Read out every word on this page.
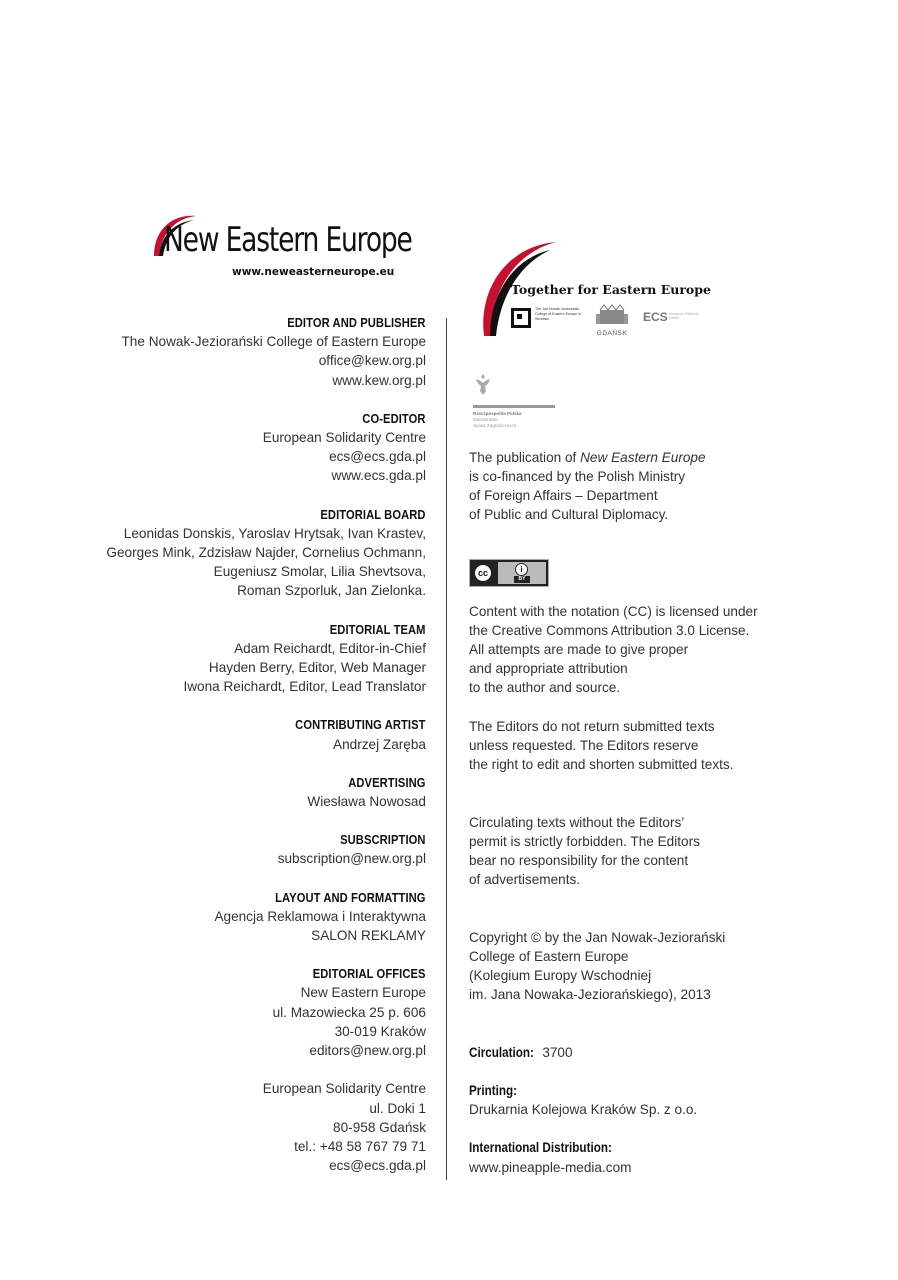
New Eastern Europe
www.neweasterneurope.eu
EDITOR AND PUBLISHER
The Nowak-Jeziorański College of Eastern Europe
office@kew.org.pl
www.kew.org.pl
CO-EDITOR
European Solidarity Centre
ecs@ecs.gda.pl
www.ecs.gda.pl
EDITORIAL BOARD
Leonidas Donskis, Yaroslav Hrytsak, Ivan Krastev,
Georges Mink, Zdzisław Najder, Cornelius Ochmann,
Eugeniusz Smolar, Lilia Shevtsova,
Roman Szporluk, Jan Zielonka.
EDITORIAL TEAM
Adam Reichardt, Editor-in-Chief
Hayden Berry, Editor, Web Manager
Iwona Reichardt, Editor, Lead Translator
CONTRIBUTING ARTIST
Andrzej Zaręba
ADVERTISING
Wiesława Nowosad
SUBSCRIPTION
subscription@new.org.pl
LAYOUT AND FORMATTING
Agencja Reklamowa i Interaktywna
SALON REKLAMY
EDITORIAL OFFICES
New Eastern Europe
ul. Mazowiecka 25 p. 606
30-019 Kraków
editors@new.org.pl
European Solidarity Centre
ul. Doki 1
80-958 Gdańsk
tel.: +48 58 767 79 71
ecs@ecs.gda.pl
Together for Eastern Europe
The Jan Nowak-Jeziorański College of Eastern Europe in Wrocław
GDAŃSK
ECS European Solidarity Centre
Rzeczpospolita Polska
Ministerstwo
Spraw Zagranicznych
The publication of New Eastern Europe
is co-financed by the Polish Ministry
of Foreign Affairs – Department
of Public and Cultural Diplomacy.
cc	i
BY
Content with the notation (CC) is licensed under
the Creative Commons Attribution 3.0 License.
All attempts are made to give proper
and appropriate attribution
to the author and source.
The Editors do not return submitted texts
unless requested. The Editors reserve
the right to edit and shorten submitted texts.
Circulating texts without the Editors’
permit is strictly forbidden. The Editors
bear no responsibility for the content
of advertisements.
Copyright © by the Jan Nowak-Jeziorański
College of Eastern Europe
(Kolegium Europy Wschodniej
im. Jana Nowaka-Jeziorańskiego), 2013
Circulation: 3700
Printing:
Drukarnia Kolejowa Kraków Sp. z o.o.
International Distribution:
www.pineapple-media.com
